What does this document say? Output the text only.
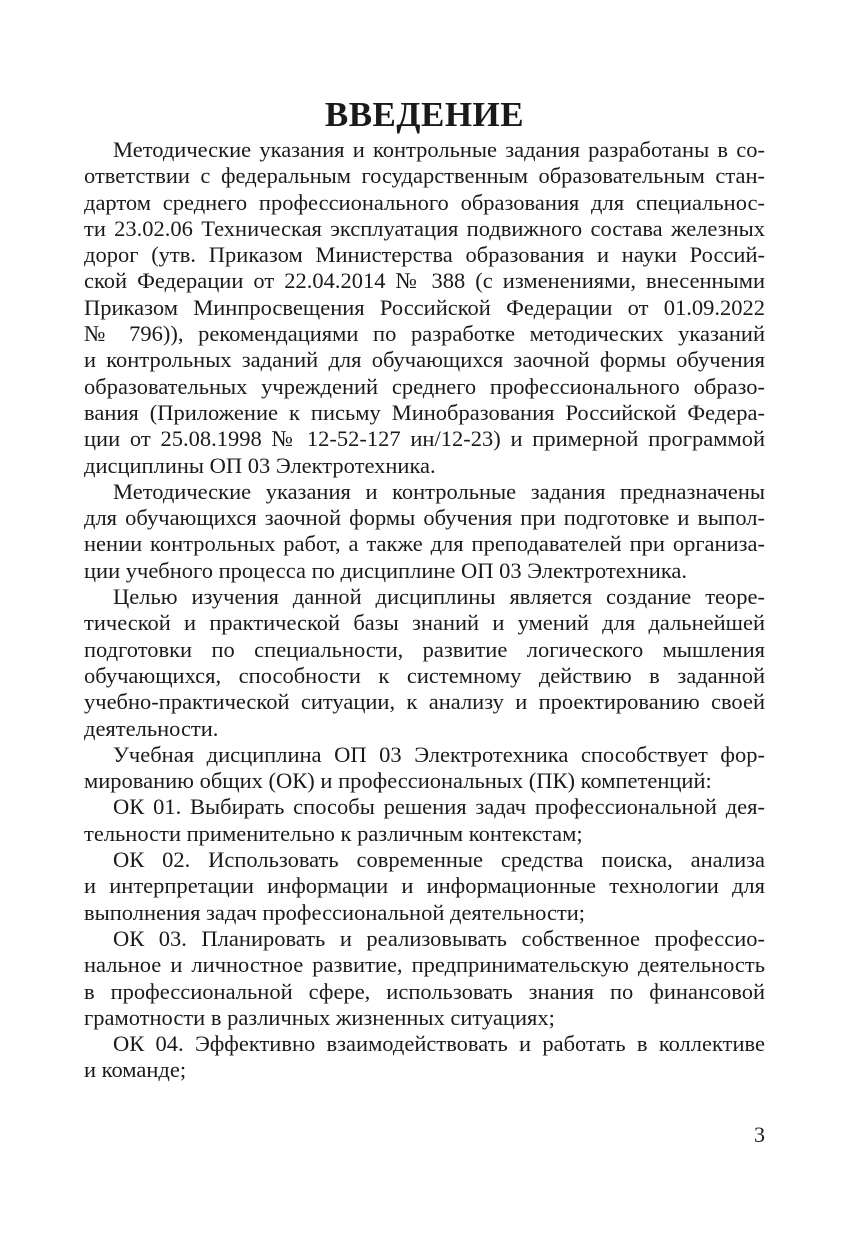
ВВЕДЕНИЕ
Методические указания и контрольные задания разработаны в со-
ответствии с федеральным государственным образовательным стан-
дартом среднего профессионального образования для специальнос-
ти 23.02.06 Техническая эксплуатация подвижного состава железных
дорог (утв. Приказом Министерства образования и науки Россий-
ской Федерации от 22.04.2014 № 388 (с изменениями, внесенными
Приказом Минпросвещения Российской Федерации от 01.09.2022
№ 796)), рекомендациями по разработке методических указаний
и контрольных заданий для обучающихся заочной формы обучения
образовательных учреждений среднего профессионального образо-
вания (Приложение к письму Минобразования Российской Федера-
ции от 25.08.1998 № 12-52-127 ин/12-23) и примерной программой
дисциплины ОП 03 Электротехника.
Методические указания и контрольные задания предназначены
для обучающихся заочной формы обучения при подготовке и выпол-
нении контрольных работ, а также для преподавателей при организа-
ции учебного процесса по дисциплине ОП 03 Электротехника.
Целью изучения данной дисциплины является создание теоре-
тической и практической базы знаний и умений для дальнейшей
подготовки по специальности, развитие логического мышления
обучающихся, способности к системному действию в заданной
учебно-практической ситуации, к анализу и проектированию своей
деятельности.
Учебная дисциплина ОП 03 Электротехника способствует фор-
мированию общих (ОК) и профессиональных (ПК) компетенций:
ОК 01. Выбирать способы решения задач профессиональной дея-
тельности применительно к различным контекстам;
ОК 02. Использовать современные средства поиска, анализа
и интерпретации информации и информационные технологии для
выполнения задач профессиональной деятельности;
ОК 03. Планировать и реализовывать собственное профессио-
нальное и личностное развитие, предпринимательскую деятельность
в профессиональной сфере, использовать знания по финансовой
грамотности в различных жизненных ситуациях;
ОК 04. Эффективно взаимодействовать и работать в коллективе
и команде;
3
